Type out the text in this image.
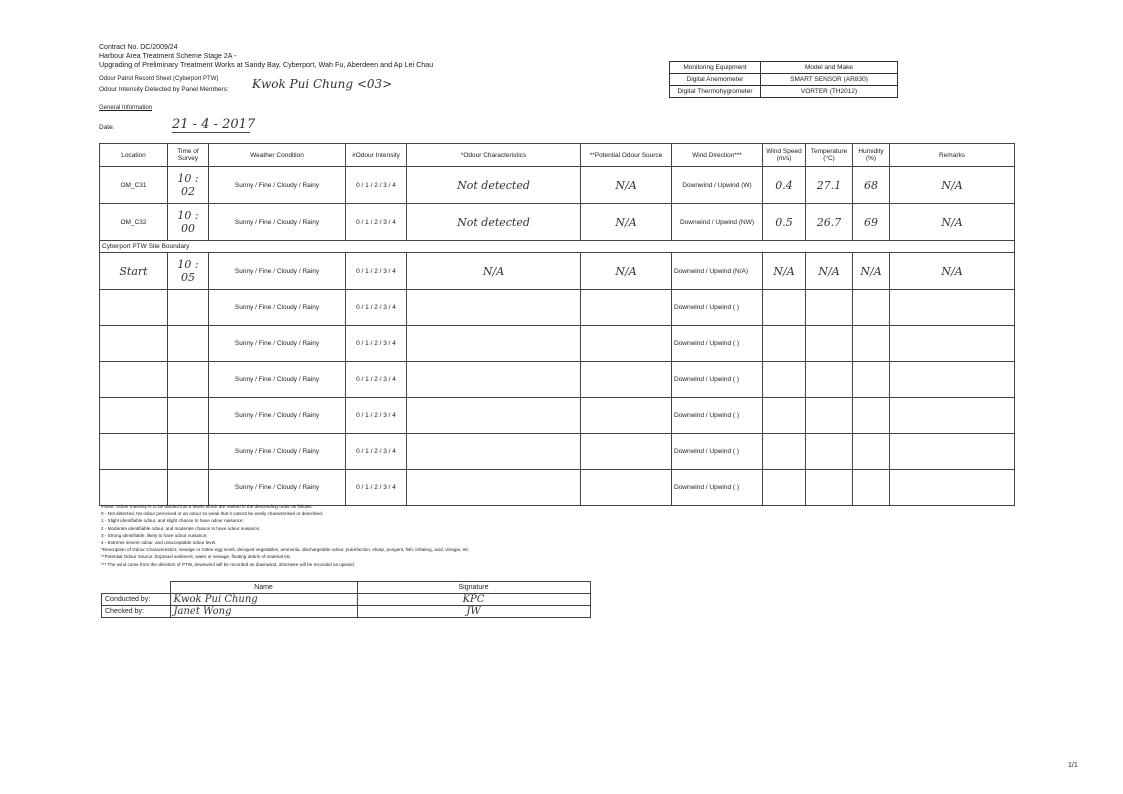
Contract No. DC/2009/24
Harbour Area Treatment Scheme Stage 2A -
Upgrading of Preliminary Treatment Works at Sandy Bay, Cyberport, Wah Fu, Aberdeen and Ap Lei Chau
Odour Patrol Record Sheet (Cyberport PTW)
Odour Intensity Detected by Panel Members: Kwok Pui Chung <03>
General Information
Date:	21 - 4 - 2017
Monitoring Equipment	Model and Make
Digital Anemometer	SMART SENSOR (AR830)
Digital Thermohygrometer	VORTER (TH2012)
Location	Time of Survey	Weather Condition	#Odour Intensity	*Odour Characteristics	**Potential Odour Source	Wind Direction***	Wind Speed (m/s)	Temperature (°C)	Humidity (%)	Remarks
OM_C31	10 : 02	Sunny / Fine / Cloudy / Rainy	0 / 1 / 2 / 3 / 4	Not detected	N/A	Downwind / Upwind (W)	0.4	27.1	68	N/A
OM_C32	10 : 00	Sunny / Fine / Cloudy / Rainy	0 / 1 / 2 / 3 / 4	Not detected	N/A	Downwind / Upwind (NW)	0.5	26.7	69	N/A
Cyberport PTW Site Boundary										
Start	10 : 05	Sunny / Fine / Cloudy / Rainy	0 / 1 / 2 / 3 / 4	N/A	N/A	Downwind / Upwind (N/A)	N/A	N/A	N/A	N/A
		Sunny / Fine / Cloudy / Rainy	0 / 1 / 2 / 3 / 4			Downwind / Upwind ( )				
		Sunny / Fine / Cloudy / Rainy	0 / 1 / 2 / 3 / 4			Downwind / Upwind ( )				
		Sunny / Fine / Cloudy / Rainy	0 / 1 / 2 / 3 / 4			Downwind / Upwind ( )				
		Sunny / Fine / Cloudy / Rainy	0 / 1 / 2 / 3 / 4			Downwind / Upwind ( )				
		Sunny / Fine / Cloudy / Rainy	0 / 1 / 2 / 3 / 4			Downwind / Upwind ( )				
		Sunny / Fine / Cloudy / Rainy	0 / 1 / 2 / 3 / 4			Downwind / Upwind ( )				
#Note: Odour Intensity is to be divided into 5 levels which are ranked in the descending order as follows:
0 - Not detected. No odour perceived or an odour so weak that it cannot be easily characterised or described;
1 - Slight identifiable odour, and slight chance to have odour nuisance;
2 - Moderate identifiable odour, and moderate chance to have odour nuisance;
3 - Strong identifiable, likely to have odour nuisance;
4 - Extreme severe odour, and unacceptable odour level.
*Description of Odour Characteristics: sewage or rotten-egg smell, decayed vegetables, ammonia, dischargeable odour, putrefaction, sharp, pungent, fish, irritating, acid, vinegar, etc
**Potential Odour Source: Exposed sediment, water or sewage, floating debris of material etc
*** The wind come from the direction of PTW, downwind will be recorded as downwind, otherwise will be recorded as upwind.
	Name	Signature
Conducted by:	Kwok Pui Chung	KPC
Checked by:	Janet Wong	JW
1/1
